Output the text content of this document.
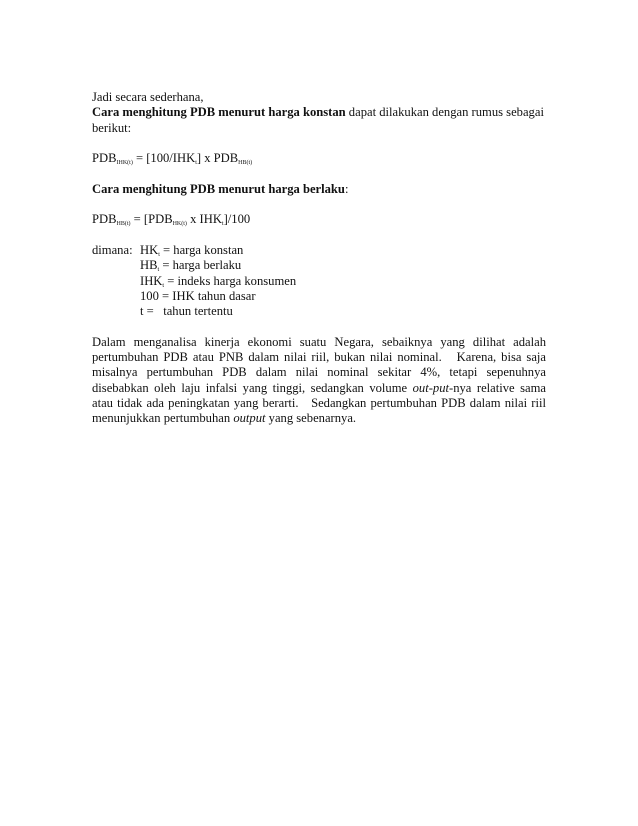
Jadi secara sederhana,
Cara menghitung PDB menurut harga konstan dapat dilakukan dengan rumus sebagai
berikut:
$PDB_{IHK(t)} = [100/IHK_t]$ x $PDB_{HB(t)}$
Cara menghitung PDB menurut harga berlaku:
$PDB_{HB(t)} = [PDB_{HK(t)}$ x $IHK_t]/100$
dimana: $HK_t$ = harga konstan
$HB_t$ = harga berlaku
$IHK_t$ = indeks harga konsumen
100 = IHK tahun dasar
t =   tahun tertentu
Dalam menganalisa kinerja ekonomi suatu Negara, sebaiknya yang dilihat adalah
pertumbuhan PDB atau PNB dalam nilai riil, bukan nilai nominal.   Karena, bisa saja
misalnya pertumbuhan PDB dalam nilai nominal sekitar 4%, tetapi sepenuhnya
disebabkan oleh laju infalsi yang tinggi, sedangkan volume out-put-nya relative sama
atau tidak ada peningkatan yang berarti.   Sedangkan pertumbuhan PDB dalam nilai riil
menunjukkan pertumbuhan output yang sebenarnya.
